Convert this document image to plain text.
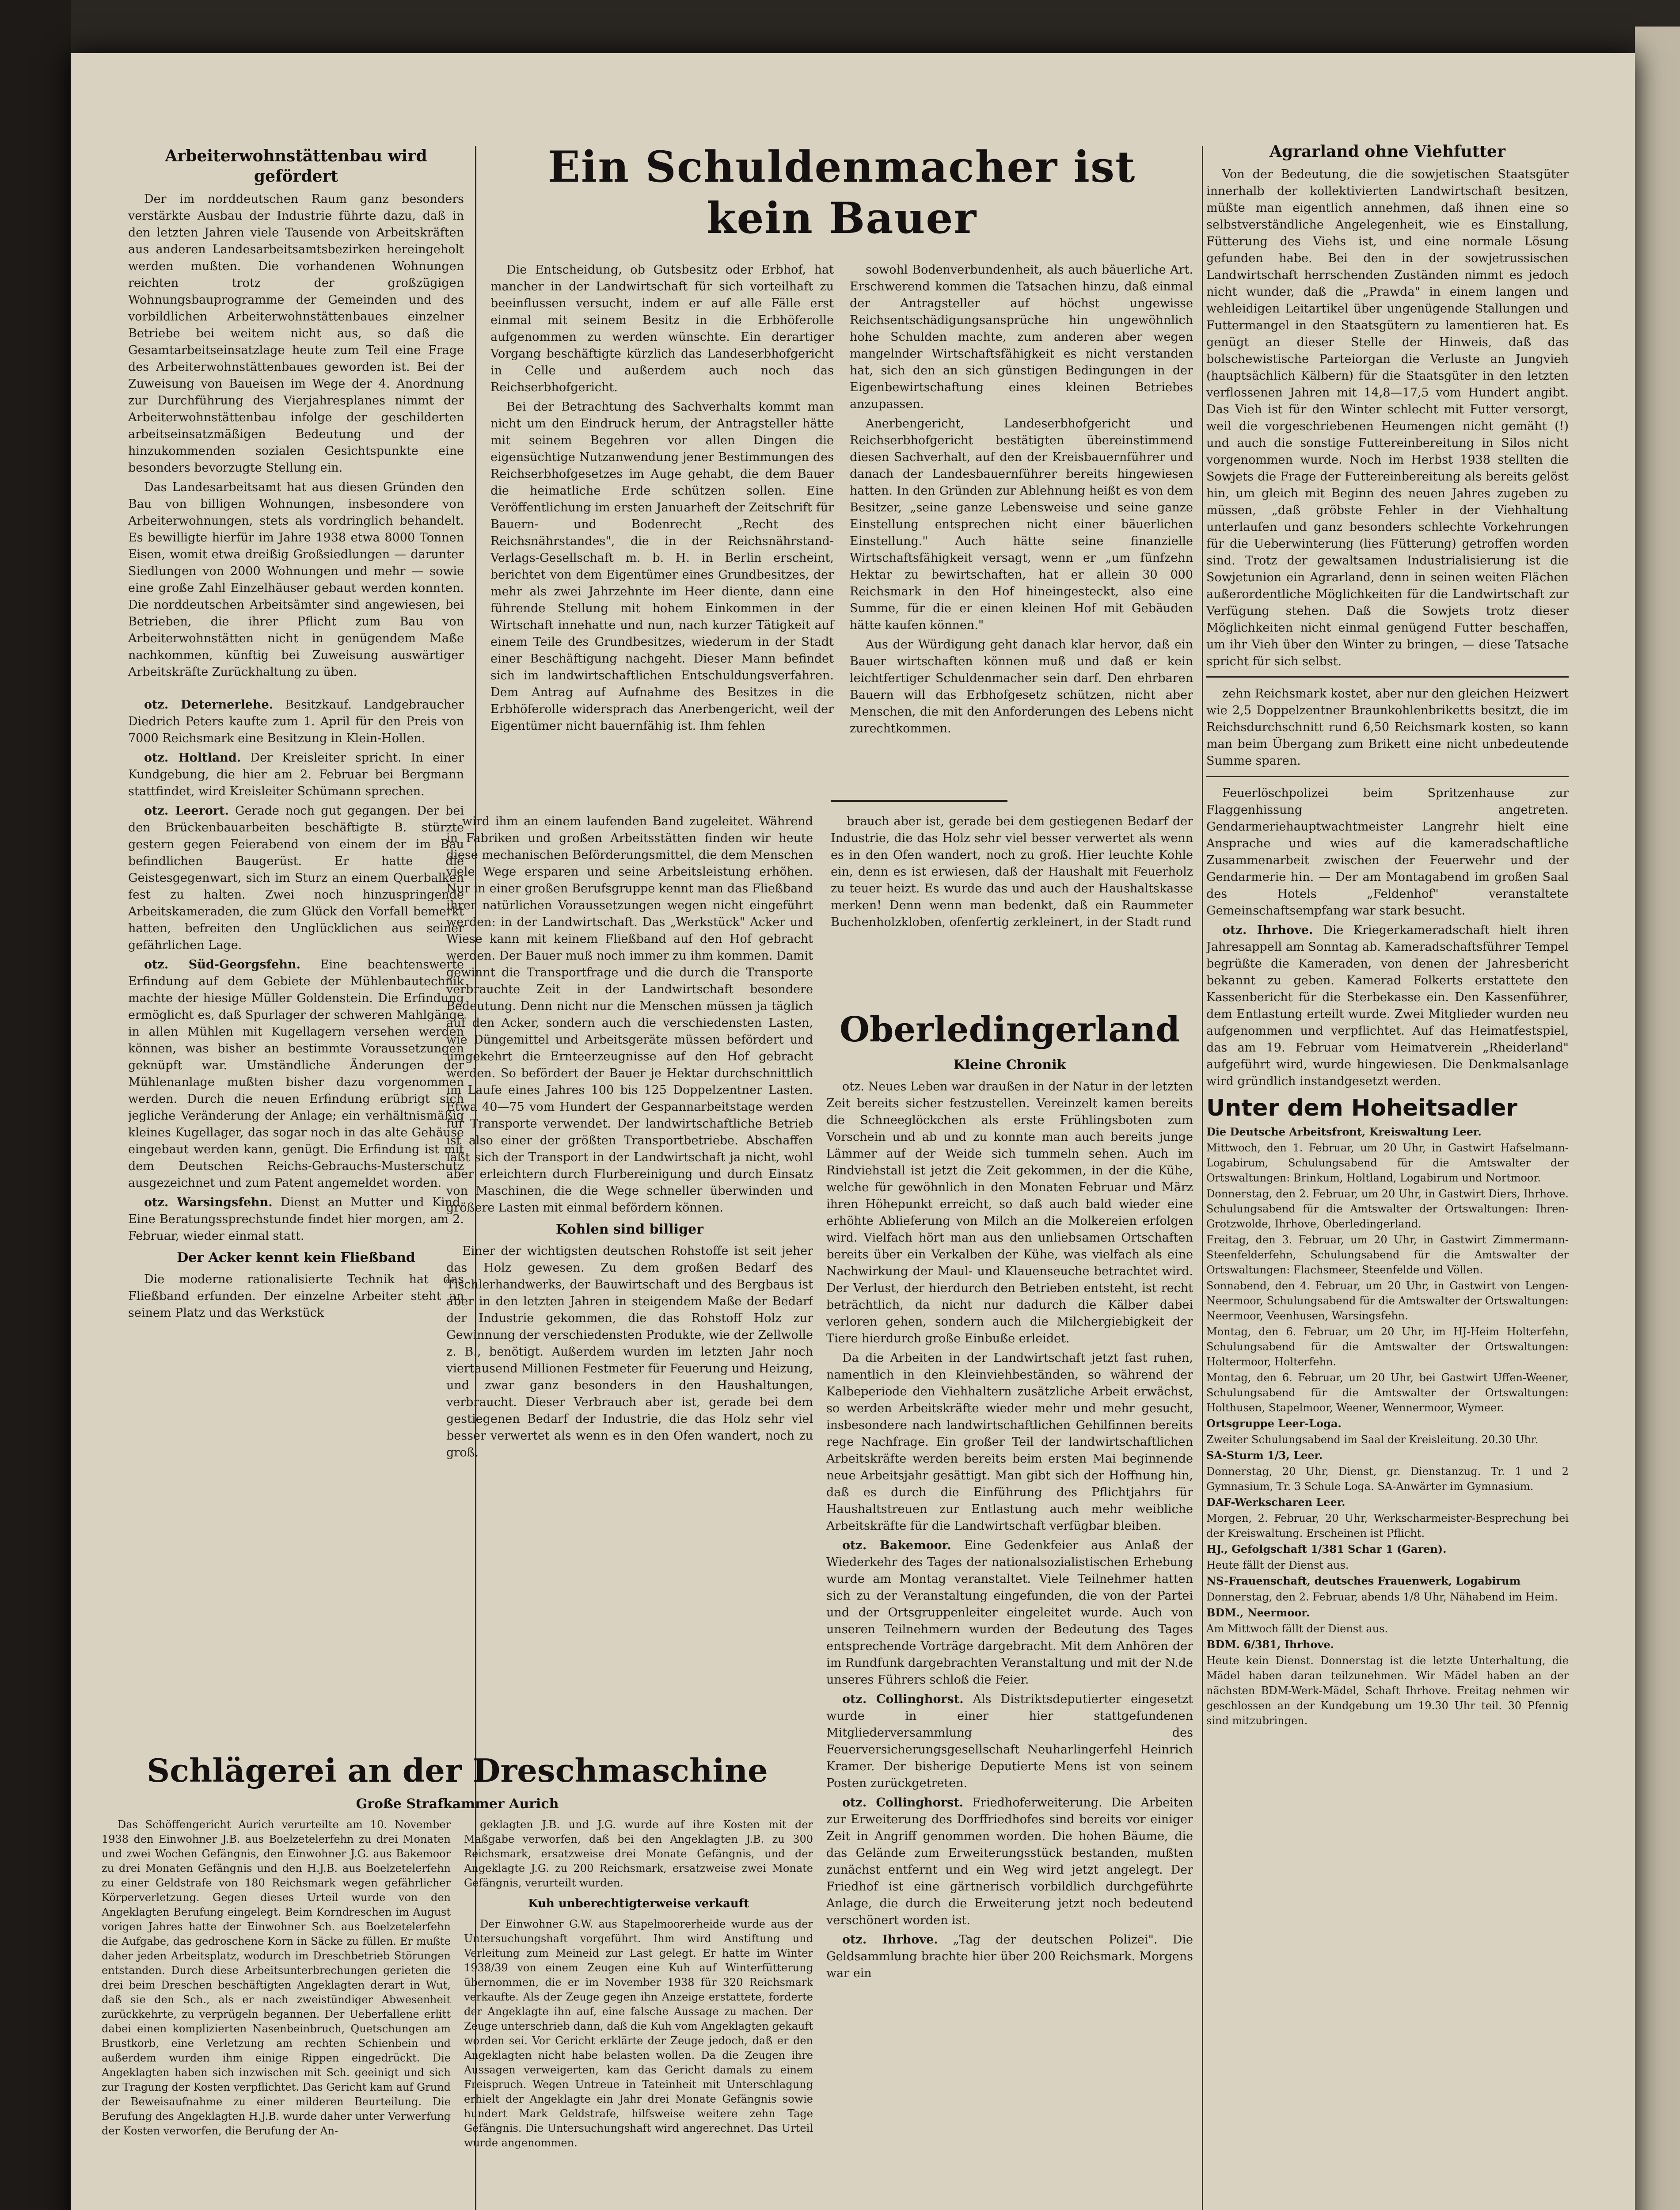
Arbeiterwohnstättenbau wird gefördert

Der im norddeutschen Raum ganz besonders verstärkte Ausbau der Industrie führte dazu, daß in den letzten Jahren viele Tausende von Arbeitskräften aus anderen Landesarbeitsamtsbezirken hereingeholt werden mußten. Die vorhandenen Wohnungen reichten trotz der großzügigen Wohnungsbauprogramme der Gemeinden und des vorbildlichen Arbeiterwohnstättenbaues einzelner Betriebe bei weitem nicht aus, so daß die Gesamtarbeitseinsatzlage heute zum Teil eine Frage des Arbeiterwohnstättenbaues geworden ist. Bei der Zuweisung von Baueisen im Wege der 4. Anordnung zur Durchführung des Vierjahresplanes nimmt der Arbeiterwohnstättenbau infolge der geschilderten arbeitseinsatzmäßigen Bedeutung und der hinzukommenden sozialen Gesichtspunkte eine besonders bevorzugte Stellung ein.

Das Landesarbeitsamt hat aus diesen Gründen den Bau von billigen Wohnungen, insbesondere von Arbeiterwohnungen, stets als vordringlich behandelt. Es bewilligte hierfür im Jahre 1938 etwa 8000 Tonnen Eisen, womit etwa dreißig Großsiedlungen — darunter Siedlungen von 2000 Wohnungen und mehr — sowie eine große Zahl Einzelhäuser gebaut werden konnten. Die norddeutschen Arbeitsämter sind angewiesen, bei Betrieben, die ihrer Pflicht zum Bau von Arbeiterwohnstätten nicht in genügendem Maße nachkommen, künftig bei Zuweisung auswärtiger Arbeitskräfte Zurückhaltung zu üben.

otz. Deternerlehe. Besitzkauf. Landgebraucher Diedrich Peters kaufte zum 1. April für den Preis von 7000 Reichsmark eine Besitzung in Klein-Hollen.

otz. Holtland. Der Kreisleiter spricht. In einer Kundgebung, die hier am 2. Februar bei Bergmann stattfindet, wird Kreisleiter Schümann sprechen.

otz. Leerort. Gerade noch gut gegangen. Der bei den Brückenbauarbeiten beschäftigte B. stürzte gestern gegen Feierabend von einem der im Bau befindlichen Baugerüst. Er hatte die Geistesgegenwart, sich im Sturz an einem Querbalken fest zu halten. Zwei noch hinzuspringende Arbeitskameraden, die zum Glück den Vorfall bemerkt hatten, befreiten den Unglücklichen aus seiner gefährlichen Lage.

otz. Süd-Georgsfehn. Eine beachtenswerte Erfindung auf dem Gebiete der Mühlenbautechnik machte der hiesige Müller Goldenstein. Die Erfindung ermöglicht es, daß Spurlager der schweren Mahlgänge in allen Mühlen mit Kugellagern versehen werden können, was bisher an bestimmte Voraussetzungen geknüpft war. Umständliche Änderungen der Mühlenanlage mußten bisher dazu vorgenommen werden. Durch die neuen Erfindung erübrigt sich jegliche Veränderung der Anlage; ein verhältnismäßig kleines Kugellager, das sogar noch in das alte Gehäuse eingebaut werden kann, genügt. Die Erfindung ist mit dem Deutschen Reichs-Gebrauchs-Musterschutz ausgezeichnet und zum Patent angemeldet worden.

otz. Warsingsfehn. Dienst an Mutter und Kind. Eine Beratungssprechstunde findet hier morgen, am 2. Februar, wieder einmal statt.

Der Acker kennt kein Fließband

Die moderne rationalisierte Technik hat das Fließband erfunden. Der einzelne Arbeiter steht an seinem Platz und das Werkstück

Ein Schuldenmacher ist kein Bauer

Die Entscheidung, ob Gutsbesitz oder Erbhof, hat mancher in der Landwirtschaft für sich vorteilhaft zu beeinflussen versucht, indem er auf alle Fälle erst einmal mit seinem Besitz in die Erbhöferolle aufgenommen zu werden wünschte. Ein derartiger Vorgang beschäftigte kürzlich das Landeserbhofgericht in Celle und außerdem auch noch das Reichserbhofgericht.

Bei der Betrachtung des Sachverhalts kommt man nicht um den Eindruck herum, der Antragsteller hätte mit seinem Begehren vor allen Dingen die eigensüchtige Nutzanwendung jener Bestimmungen des Reichserbhofgesetzes im Auge gehabt, die dem Bauer die heimatliche Erde schützen sollen. Eine Veröffentlichung im ersten Januarheft der Zeitschrift für Bauern- und Bodenrecht „Recht des Reichsnährstandes", die in der Reichsnährstand-Verlags-Gesellschaft m. b. H. in Berlin erscheint, berichtet von dem Eigentümer eines Grundbesitzes, der mehr als zwei Jahrzehnte im Heer diente, dann eine führende Stellung mit hohem Einkommen in der Wirtschaft innehatte und nun, nach kurzer Tätigkeit auf einem Teile des Grundbesitzes, wiederum in der Stadt einer Beschäftigung nachgeht. Dieser Mann befindet sich im landwirtschaftlichen Entschuldungsverfahren. Dem Antrag auf Aufnahme des Besitzes in die Erbhöferolle widersprach das Anerbengericht, weil der Eigentümer nicht bauernfähig ist. Ihm fehlen

sowohl Bodenverbundenheit, als auch bäuerliche Art. Erschwerend kommen die Tatsachen hinzu, daß einmal der Antragsteller auf höchst ungewisse Reichsentschädigungsansprüche hin ungewöhnlich hohe Schulden machte, zum anderen aber wegen mangelnder Wirtschaftsfähigkeit es nicht verstanden hat, sich den an sich günstigen Bedingungen in der Eigenbewirtschaftung eines kleinen Betriebes anzupassen.

Anerbengericht, Landeserbhofgericht und Reichserbhofgericht bestätigten übereinstimmend diesen Sachverhalt, auf den der Kreisbauernführer und danach der Landesbauernführer bereits hingewiesen hatten. In den Gründen zur Ablehnung heißt es von dem Besitzer, „seine ganze Lebensweise und seine ganze Einstellung entsprechen nicht einer bäuerlichen Einstellung." Auch hätte seine finanzielle Wirtschaftsfähigkeit versagt, wenn er „um fünfzehn Hektar zu bewirtschaften, hat er allein 30 000 Reichsmark in den Hof hineingesteckt, also eine Summe, für die er einen kleinen Hof mit Gebäuden hätte kaufen können."

Aus der Würdigung geht danach klar hervor, daß ein Bauer wirtschaften können muß und daß er kein leichtfertiger Schuldenmacher sein darf. Den ehrbaren Bauern will das Erbhofgesetz schützen, nicht aber Menschen, die mit den Anforderungen des Lebens nicht zurechtkommen.

wird ihm an einem laufenden Band zugeleitet. Während in Fabriken und großen Arbeitsstätten finden wir heute diese mechanischen Beförderungsmittel, die dem Menschen viele Wege ersparen und seine Arbeitsleistung erhöhen. Nur in einer großen Berufsgruppe kennt man das Fließband ihrer natürlichen Voraussetzungen wegen nicht eingeführt werden: in der Landwirtschaft. Das „Werkstück" Acker und Wiese kann mit keinem Fließband auf den Hof gebracht werden. Der Bauer muß noch immer zu ihm kommen. Damit gewinnt die Transportfrage und die durch die Transporte verbrauchte Zeit in der Landwirtschaft besondere Bedeutung. Denn nicht nur die Menschen müssen ja täglich auf den Acker, sondern auch die verschiedensten Lasten, wie Düngemittel und Arbeitsgeräte müssen befördert und umgekehrt die Ernteerzeugnisse auf den Hof gebracht werden. So befördert der Bauer je Hektar durchschnittlich im Laufe eines Jahres 100 bis 125 Doppelzentner Lasten. Etwa 40—75 vom Hundert der Gespannarbeitstage werden für Transporte verwendet. Der landwirtschaftliche Betrieb ist also einer der größten Transportbetriebe. Abschaffen läßt sich der Transport in der Landwirtschaft ja nicht, wohl aber erleichtern durch Flurbereinigung und durch Einsatz von Maschinen, die die Wege schneller überwinden und größere Lasten mit einmal befördern können.

Kohlen sind billiger

Einer der wichtigsten deutschen Rohstoffe ist seit jeher das Holz gewesen. Zu dem großen Bedarf des Tischlerhandwerks, der Bauwirtschaft und des Bergbaus ist aber in den letzten Jahren in steigendem Maße der Bedarf der Industrie gekommen, die das Rohstoff Holz zur Gewinnung der verschiedensten Produkte, wie der Zellwolle z. B., benötigt. Außerdem wurden im letzten Jahr noch viertausend Millionen Festmeter für Feuerung und Heizung, und zwar ganz besonders in den Haushaltungen, verbraucht. Dieser Verbrauch aber ist, gerade bei dem gestiegenen Bedarf der Industrie, die das Holz sehr viel besser verwertet als wenn es in den Ofen wandert, noch zu groß.

brauch aber ist, gerade bei dem gestiegenen Bedarf der Industrie, die das Holz sehr viel besser verwertet als wenn es in den Ofen wandert, noch zu groß. Hier leuchte Kohle ein, denn es ist erwiesen, daß der Haushalt mit Feuerholz zu teuer heizt. Es wurde das und auch der Haushaltskasse merken! Denn wenn man bedenkt, daß ein Raummeter Buchenholzkloben, ofenfertig zerkleinert, in der Stadt rund

Oberledingerland
Kleine Chronik

otz. Neues Leben war draußen in der Natur in der letzten Zeit bereits sicher festzustellen. Vereinzelt kamen bereits die Schneeglöckchen als erste Frühlingsboten zum Vorschein und ab und zu konnte man auch bereits junge Lämmer auf der Weide sich tummeln sehen. Auch im Rindviehstall ist jetzt die Zeit gekommen, in der die Kühe, welche für gewöhnlich in den Monaten Februar und März ihren Höhepunkt erreicht, so daß auch bald wieder eine erhöhte Ablieferung von Milch an die Molkereien erfolgen wird. Vielfach hört man aus den unliebsamen Ortschaften bereits über ein Verkalben der Kühe, was vielfach als eine Nachwirkung der Maul- und Klauenseuche betrachtet wird. Der Verlust, der hierdurch den Betrieben entsteht, ist recht beträchtlich, da nicht nur dadurch die Kälber dabei verloren gehen, sondern auch die Milchergiebigkeit der Tiere hierdurch große Einbuße erleidet.

Da die Arbeiten in der Landwirtschaft jetzt fast ruhen, namentlich in den Kleinviehbeständen, so während der Kalbeperiode den Viehhaltern zusätzliche Arbeit erwächst, so werden Arbeitskräfte wieder mehr und mehr gesucht, insbesondere nach landwirtschaftlichen Gehilfinnen bereits rege Nachfrage. Ein großer Teil der landwirtschaftlichen Arbeitskräfte werden bereits beim ersten Mai beginnende neue Arbeitsjahr gesättigt. Man gibt sich der Hoffnung hin, daß es durch die Einführung des Pflichtjahrs für Haushaltstreuen zur Entlastung auch mehr weibliche Arbeitskräfte für die Landwirtschaft verfügbar bleiben.

otz. Bakemoor. Eine Gedenkfeier aus Anlaß der Wiederkehr des Tages der nationalsozialistischen Erhebung wurde am Montag veranstaltet. Viele Teilnehmer hatten sich zu der Veranstaltung eingefunden, die von der Partei und der Ortsgruppenleiter eingeleitet wurde. Auch von unseren Teilnehmern wurden der Bedeutung des Tages entsprechende Vorträge dargebracht. Mit dem Anhören der im Rundfunk dargebrachten Veranstaltung und mit der N.de unseres Führers schloß die Feier.

otz. Collinghorst. Als Distriktsdeputierter eingesetzt wurde in einer hier stattgefundenen Mitgliederversammlung des Feuerversicherungsgesellschaft Neuharlingerfehl Heinrich Kramer. Der bisherige Deputierte Mens ist von seinem Posten zurückgetreten.

otz. Collinghorst. Friedhoferweiterung. Die Arbeiten zur Erweiterung des Dorffriedhofes sind bereits vor einiger Zeit in Angriff genommen worden. Die hohen Bäume, die das Gelände zum Erweiterungsstück bestanden, mußten zunächst entfernt und ein Weg wird jetzt angelegt. Der Friedhof ist eine gärtnerisch vorbildlich durchgeführte Anlage, die durch die Erweiterung jetzt noch bedeutend verschönert worden ist.

otz. Ihrhove. „Tag der deutschen Polizei". Die Geldsammlung brachte hier über 200 Reichsmark. Morgens war ein

Agrarland ohne Viehfutter

Von der Bedeutung, die die sowjetischen Staatsgüter innerhalb der kollektivierten Landwirtschaft besitzen, müßte man eigentlich annehmen, daß ihnen eine so selbstverständliche Angelegenheit, wie es Einstallung, Fütterung des Viehs ist, und eine normale Lösung gefunden habe. Bei den in der sowjetrussischen Landwirtschaft herrschenden Zuständen nimmt es jedoch nicht wunder, daß die „Prawda" in einem langen und wehleidigen Leitartikel über ungenügende Stallungen und Futtermangel in den Staatsgütern zu lamentieren hat. Es genügt an dieser Stelle der Hinweis, daß das bolschewistische Parteiorgan die Verluste an Jungvieh (hauptsächlich Kälbern) für die Staatsgüter in den letzten verflossenen Jahren mit 14,8—17,5 vom Hundert angibt. Das Vieh ist für den Winter schlecht mit Futter versorgt, weil die vorgeschriebenen Heumengen nicht gemäht (!) und auch die sonstige Futtereinbereitung in Silos nicht vorgenommen wurde. Noch im Herbst 1938 stellten die Sowjets die Frage der Futtereinbereitung als bereits gelöst hin, um gleich mit Beginn des neuen Jahres zugeben zu müssen, „daß gröbste Fehler in der Viehhaltung unterlaufen und ganz besonders schlechte Vorkehrungen für die Ueberwinterung (lies Fütterung) getroffen worden sind. Trotz der gewaltsamen Industrialisierung ist die Sowjetunion ein Agrarland, denn in seinen weiten Flächen außerordentliche Möglichkeiten für die Landwirtschaft zur Verfügung stehen. Daß die Sowjets trotz dieser Möglichkeiten nicht einmal genügend Futter beschaffen, um ihr Vieh über den Winter zu bringen, — diese Tatsache spricht für sich selbst.

zehn Reichsmark kostet, aber nur den gleichen Heizwert wie 2,5 Doppelzentner Braunkohlenbriketts besitzt, die im Reichsdurchschnitt rund 6,50 Reichsmark kosten, so kann man beim Übergang zum Brikett eine nicht unbedeutende Summe sparen.

Feuerlöschpolizei beim Spritzenhause zur Flaggenhissung angetreten. Gendarmeriehauptwachtmeister Langrehr hielt eine Ansprache und wies auf die kameradschaftliche Zusammenarbeit zwischen der Feuerwehr und der Gendarmerie hin. — Der am Montagabend im großen Saal des Hotels „Feldenhof" veranstaltete Gemeinschaftsempfang war stark besucht.

otz. Ihrhove. Die Kriegerkameradschaft hielt ihren Jahresappell am Sonntag ab. Kameradschaftsführer Tempel begrüßte die Kameraden, von denen der Jahresbericht bekannt zu geben. Kamerad Folkerts erstattete den Kassenbericht für die Sterbekasse ein. Den Kassenführer, dem Entlastung erteilt wurde. Zwei Mitglieder wurden neu aufgenommen und verpflichtet. Auf das Heimatfestspiel, das am 19. Februar vom Heimatverein „Rheiderland" aufgeführt wird, wurde hingewiesen. Die Denkmalsanlage wird gründlich instandgesetzt werden.

Unter dem Hoheitsadler
Die Deutsche Arbeitsfront, Kreiswaltung Leer.
Mittwoch, den 1. Februar, um 20 Uhr, in Gastwirt Hafselmann-Logabirum, Schulungsabend für die Amtswalter der Ortswaltungen: Brinkum, Holtland, Logabirum und Nortmoor.
Donnerstag, den 2. Februar, um 20 Uhr, in Gastwirt Diers, Ihrhove. Schulungsabend für die Amtswalter der Ortswaltungen: Ihren-Grotzwolde, Ihrhove, Oberledingerland.
Freitag, den 3. Februar, um 20 Uhr, in Gastwirt Zimmermann-Steenfelderfehn, Schulungsabend für die Amtswalter der Ortswaltungen: Flachsmeer, Steenfelde und Völlen.
Sonnabend, den 4. Februar, um 20 Uhr, in Gastwirt von Lengen-Neermoor, Schulungsabend für die Amtswalter der Ortswaltungen: Neermoor, Veenhusen, Warsingsfehn.
Montag, den 6. Februar, um 20 Uhr, im HJ-Heim Holterfehn, Schulungsabend für die Amtswalter der Ortswaltungen: Holtermoor, Holterfehn.
Montag, den 6. Februar, um 20 Uhr, bei Gastwirt Uffen-Weener, Schulungsabend für die Amtswalter der Ortswaltungen: Holthusen, Stapelmoor, Weener, Wennermoor, Wymeer.
Ortsgruppe Leer-Loga.
Zweiter Schulungsabend im Saal der Kreisleitung. 20.30 Uhr.
SA-Sturm 1/3, Leer.
Donnerstag, 20 Uhr, Dienst, gr. Dienstanzug. Tr. 1 und 2 Gymnasium, Tr. 3 Schule Loga. SA-Anwärter im Gymnasium.
DAF-Werkscharen Leer.
Morgen, 2. Februar, 20 Uhr, Werkscharmeister-Besprechung bei der Kreiswaltung. Erscheinen ist Pflicht.
HJ., Gefolgschaft 1/381 Schar 1 (Garen).
Heute fällt der Dienst aus.
NS-Frauenschaft, deutsches Frauenwerk, Logabirum
Donnerstag, den 2. Februar, abends 1/8 Uhr, Nähabend im Heim.
BDM., Neermoor.
Am Mittwoch fällt der Dienst aus.
BDM. 6/381, Ihrhove.
Heute kein Dienst. Donnerstag ist die letzte Unterhaltung, die Mädel haben daran teilzunehmen. Wir Mädel haben an der nächsten BDM-Werk-Mädel, Schaft Ihrhove. Freitag nehmen wir geschlossen an der Kundgebung um 19.30 Uhr teil. 30 Pfennig sind mitzubringen.
Schlägerei an der Dreschmaschine
Große Strafkammer Aurich

Das Schöffengericht Aurich verurteilte am 10. November 1938 den Einwohner J.B. aus Boelzetelerfehn zu drei Monaten und zwei Wochen Gefängnis, den Einwohner J.G. aus Bakemoor zu drei Monaten Gefängnis und den H.J.B. aus Boelzetelerfehn zu einer Geldstrafe von 180 Reichsmark wegen gefährlicher Körperverletzung. Gegen dieses Urteil wurde von den Angeklagten Berufung eingelegt. Beim Korndreschen im August vorigen Jahres hatte der Einwohner Sch. aus Boelzetelerfehn die Aufgabe, das gedroschene Korn in Säcke zu füllen. Er mußte daher jeden Arbeitsplatz, wodurch im Dreschbetrieb Störungen entstanden. Durch diese Arbeitsunterbrechungen gerieten die drei beim Dreschen beschäftigten Angeklagten derart in Wut, daß sie den Sch., als er nach zweistündiger Abwesenheit zurückkehrte, zu verprügeln begannen. Der Ueberfallene erlitt dabei einen komplizierten Nasenbeinbruch, Quetschungen am Brustkorb, eine Verletzung am rechten Schienbein und außerdem wurden ihm einige Rippen eingedrückt. Die Angeklagten haben sich inzwischen mit Sch. geeinigt und sich zur Tragung der Kosten verpflichtet. Das Gericht kam auf Grund der Beweisaufnahme zu einer milderen Beurteilung. Die Berufung des Angeklagten H.J.B. wurde daher unter Verwerfung der Kosten verworfen, die Berufung der An-

geklagten J.B. und J.G. wurde auf ihre Kosten mit der Maßgabe verworfen, daß bei den Angeklagten J.B. zu 300 Reichsmark, ersatzweise drei Monate Gefängnis, und der Angeklagte J.G. zu 200 Reichsmark, ersatzweise zwei Monate Gefängnis, verurteilt wurden.

Kuh unberechtigterweise verkauft

Der Einwohner G.W. aus Stapelmoorerheide wurde aus der Untersuchungshaft vorgeführt. Ihm wird Anstiftung und Verleitung zum Meineid zur Last gelegt. Er hatte im Winter 1938/39 von einem Zeugen eine Kuh auf Winterfütterung übernommen, die er im November 1938 für 320 Reichsmark verkaufte. Als der Zeuge gegen ihn Anzeige erstattete, forderte der Angeklagte ihn auf, eine falsche Aussage zu machen. Der Zeuge unterschrieb dann, daß die Kuh vom Angeklagten gekauft worden sei. Vor Gericht erklärte der Zeuge jedoch, daß er den Angeklagten nicht habe belasten wollen. Da die Zeugen ihre Aussagen verweigerten, kam das Gericht damals zu einem Freispruch. Wegen Untreue in Tateinheit mit Unterschlagung erhielt der Angeklagte ein Jahr drei Monate Gefängnis sowie hundert Mark Geldstrafe, hilfsweise weitere zehn Tage Gefängnis. Die Untersuchungshaft wird angerechnet. Das Urteil wurde angenommen.
